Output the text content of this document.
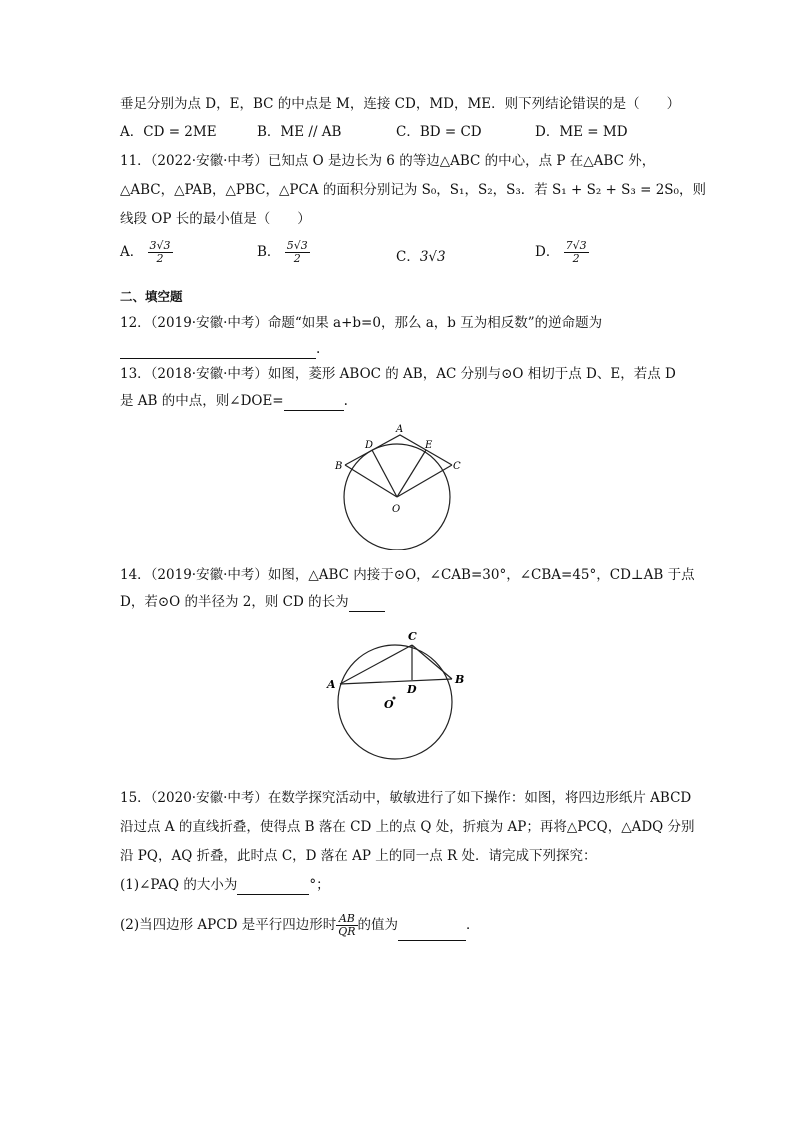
垂足分别为点 D，E，BC 的中点是 M，连接 CD，MD，ME．则下列结论错误的是（　　）
A．CD = 2ME	B．ME // AB	C．BD = CD	D．ME = MD
11．（2022·安徽·中考）已知点 O 是边长为 6 的等边△ABC 的中心，点 P 在△ABC 外，
△ABC，△PAB，△PBC，△PCA 的面积分别记为 S₀，S₁，S₂，S₃．若 S₁ + S₂ + S₃ = 2S₀，则
线段 OP 长的最小值是（　　）
A． $\frac{3√3}{2}$	B． $\frac{5√3}{2}$	C．3√3	D． $\frac{7√3}{2}$
二、填空题
12．（2019·安徽·中考）命题“如果 a+b=0，那么 a，b 互为相反数”的逆命题为
.
13．（2018·安徽·中考）如图，菱形 ABOC 的 AB，AC 分别与⊙O 相切于点 D、E，若点 D
是 AB 的中点，则∠DOE=	.
A
D	E
B	C
O
14．（2019·安徽·中考）如图，△ABC 内接于⊙O，∠CAB=30°，∠CBA=45°，CD⊥AB 于点
D，若⊙O 的半径为 2，则 CD 的长为
C
A	B
D
O
15．（2020·安徽·中考）在数学探究活动中，敏敏进行了如下操作：如图，将四边形纸片 ABCD
沿过点 A 的直线折叠，使得点 B 落在 CD 上的点 Q 处，折痕为 AP；再将△PCQ，△ADQ 分别
沿 PQ，AQ 折叠，此时点 C，D 落在 AP 上的同一点 R 处．请完成下列探究：
(1)∠PAQ 的大小为	°；
(2)当四边形 APCD 是平行四边形时 $\frac{AB}{QR}$ 的值为	．
